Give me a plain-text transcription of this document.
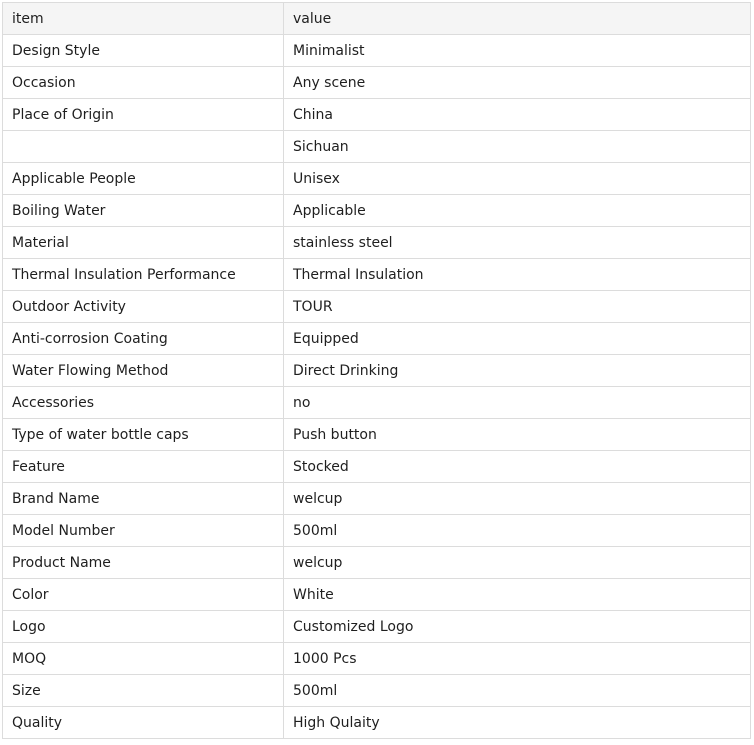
item	value
Design Style	Minimalist
Occasion	Any scene
Place of Origin	China
	Sichuan
Applicable People	Unisex
Boiling Water	Applicable
Material	stainless steel
Thermal Insulation Performance	Thermal Insulation
Outdoor Activity	TOUR
Anti-corrosion Coating	Equipped
Water Flowing Method	Direct Drinking
Accessories	no
Type of water bottle caps	Push button
Feature	Stocked
Brand Name	welcup
Model Number	500ml
Product Name	welcup
Color	White
Logo	Customized Logo
MOQ	1000 Pcs
Size	500ml
Quality	High Qulaity
